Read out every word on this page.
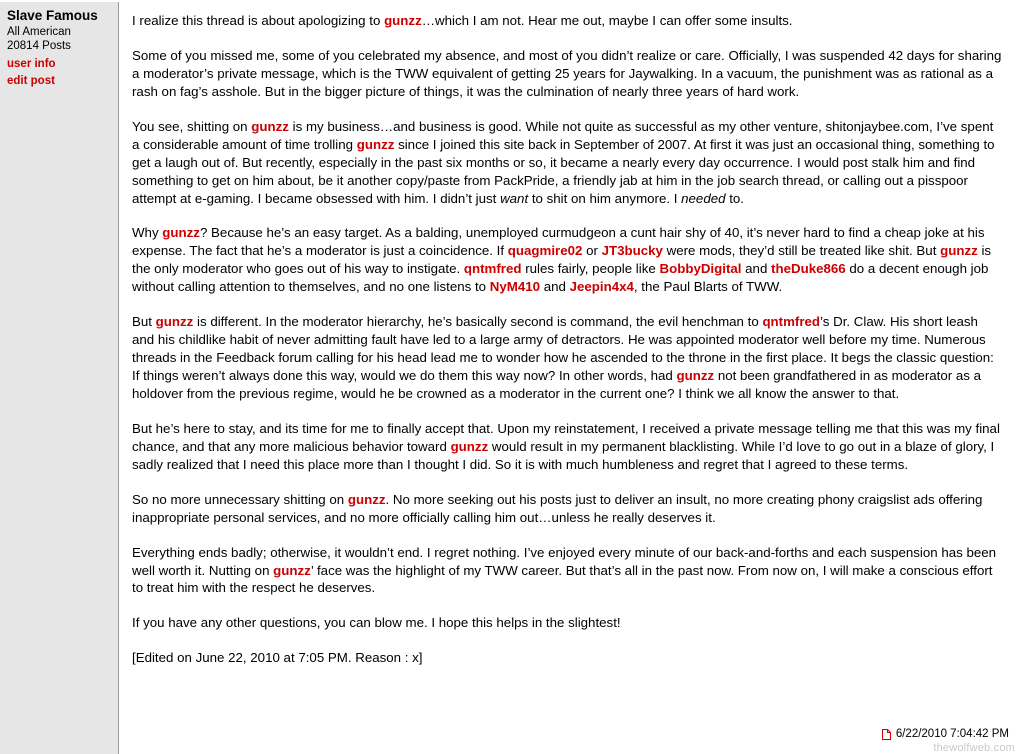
Slave Famous
All American
20814 Posts
user info
edit post

I realize this thread is about apologizing to gunzz…which I am not. Hear me out, maybe I can offer some insults.

Some of you missed me, some of you celebrated my absence, and most of you didn’t realize or care. Officially, I was suspended 42 days for sharing a moderator’s private message, which is the TWW equivalent of getting 25 years for Jaywalking. In a vacuum, the punishment was as rational as a rash on fag’s asshole. But in the bigger picture of things, it was the culmination of nearly three years of hard work.

You see, shitting on gunzz is my business…and business is good. While not quite as successful as my other venture, shitonjaybee.com, I’ve spent a considerable amount of time trolling gunzz since I joined this site back in September of 2007. At first it was just an occasional thing, something to get a laugh out of. But recently, especially in the past six months or so, it became a nearly every day occurrence. I would post stalk him and find something to get on him about, be it another copy/paste from PackPride, a friendly jab at him in the job search thread, or calling out a pisspoor attempt at e-gaming. I became obsessed with him. I didn’t just want to shit on him anymore. I needed to.

Why gunzz? Because he’s an easy target. As a balding, unemployed curmudgeon a cunt hair shy of 40, it’s never hard to find a cheap joke at his expense. The fact that he’s a moderator is just a coincidence. If quagmire02 or JT3bucky were mods, they’d still be treated like shit. But gunzz is the only moderator who goes out of his way to instigate. qntmfred rules fairly, people like BobbyDigital and theDuke866 do a decent enough job without calling attention to themselves, and no one listens to NyM410 and Jeepin4x4, the Paul Blarts of TWW.

But gunzz is different. In the moderator hierarchy, he’s basically second is command, the evil henchman to qntmfred’s Dr. Claw. His short leash and his childlike habit of never admitting fault have led to a large army of detractors. He was appointed moderator well before my time. Numerous threads in the Feedback forum calling for his head lead me to wonder how he ascended to the throne in the first place. It begs the classic question: If things weren’t always done this way, would we do them this way now? In other words, had gunzz not been grandfathered in as moderator as a holdover from the previous regime, would he be crowned as a moderator in the current one? I think we all know the answer to that.

But he’s here to stay, and its time for me to finally accept that. Upon my reinstatement, I received a private message telling me that this was my final chance, and that any more malicious behavior toward gunzz would result in my permanent blacklisting. While I’d love to go out in a blaze of glory, I sadly realized that I need this place more than I thought I did. So it is with much humbleness and regret that I agreed to these terms.

So no more unnecessary shitting on gunzz. No more seeking out his posts just to deliver an insult, no more creating phony craigslist ads offering inappropriate personal services, and no more officially calling him out…unless he really deserves it.

Everything ends badly; otherwise, it wouldn’t end. I regret nothing. I’ve enjoyed every minute of our back-and-forths and each suspension has been well worth it. Nutting on gunzz’ face was the highlight of my TWW career. But that’s all in the past now. From now on, I will make a conscious effort to treat him with the respect he deserves.

If you have any other questions, you can blow me. I hope this helps in the slightest!

[Edited on June 22, 2010 at 7:05 PM. Reason : x]
6/22/2010 7:04:42 PM
thewolfweb.com
